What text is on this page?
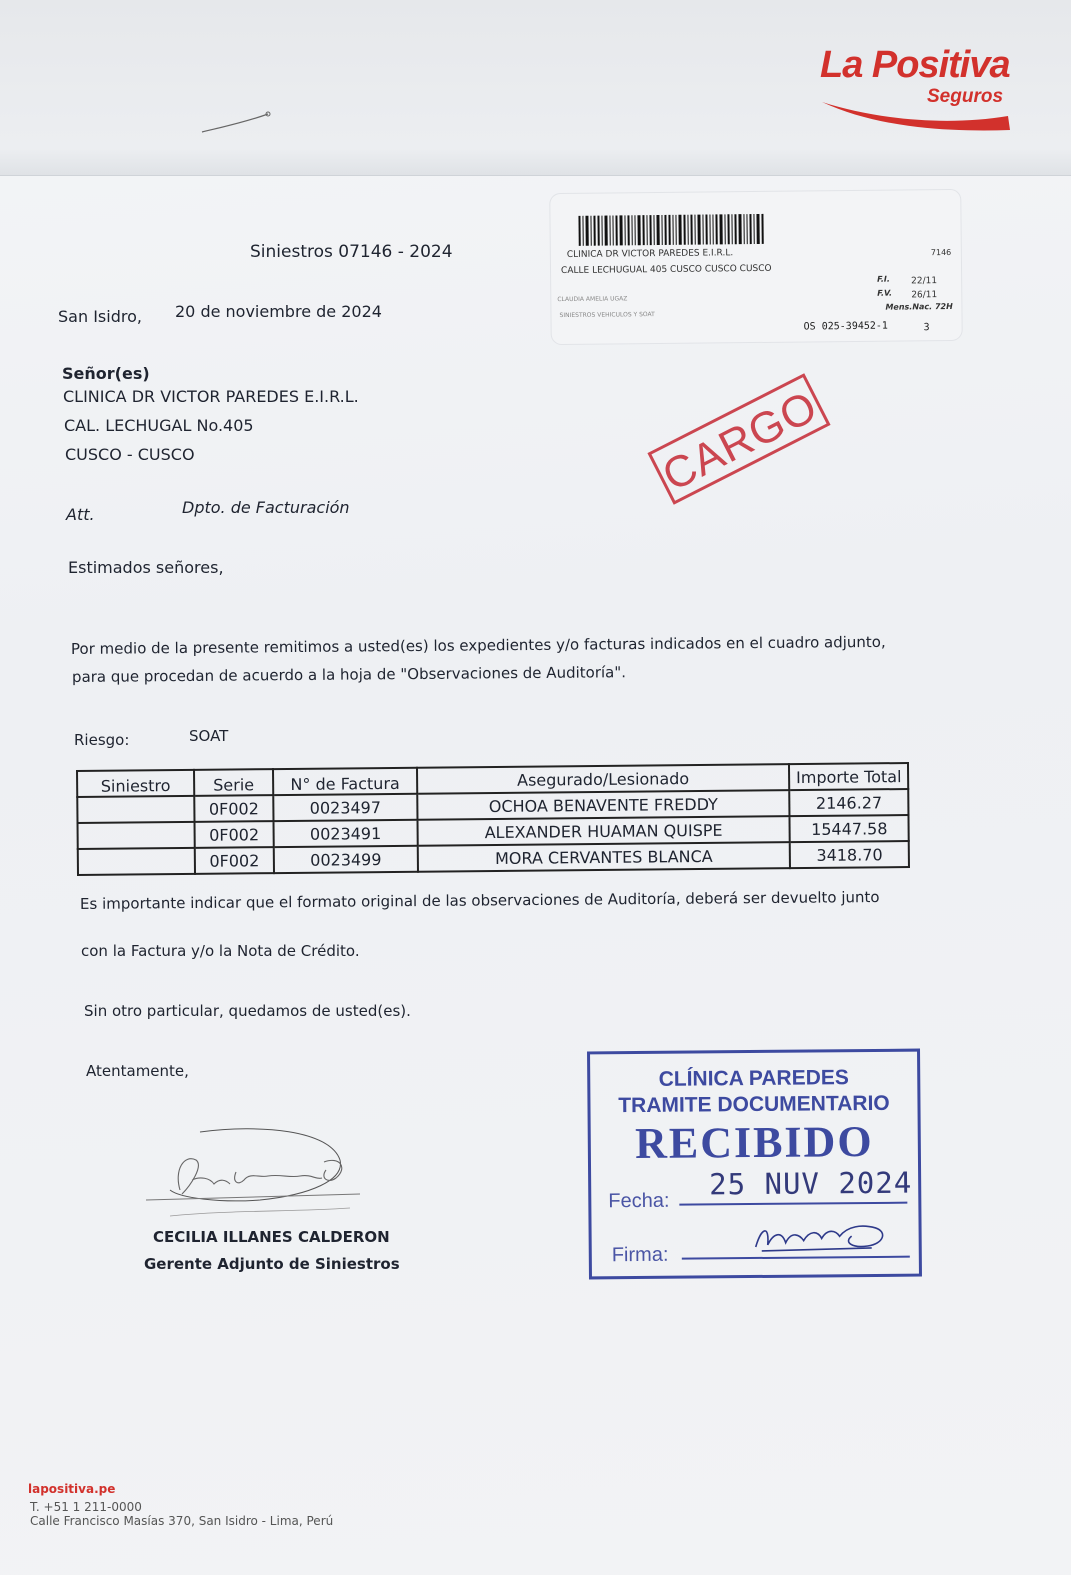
La Positiva
Seguros
CLINICA DR VICTOR PAREDES E.I.R.L.	7146
CALLE LECHUGUAL 405 CUSCO CUSCO CUSCO
F.I. 22/11
F.V. 26/11
CLAUDIA AMELIA UGAZ
Mens.Nac. 72H
SINIESTROS VEHICULOS Y SOAT
OS 025-39452-1	3
Siniestros 07146 - 2024
San Isidro, 20 de noviembre de 2024
Señor(es)
CLINICA DR VICTOR PAREDES E.I.R.L.
CAL. LECHUGAL No.405
CUSCO - CUSCO
Att.	Dpto. de Facturación
CARGO
Estimados señores,
Por medio de la presente remitimos a usted(es) los expedientes y/o facturas indicados en el cuadro adjunto,
para que procedan de acuerdo a la hoja de "Observaciones de Auditoría".
Riesgo:	SOAT
Siniestro	Serie	N° de Factura	Asegurado/Lesionado	Importe Total
	0F002	0023497	OCHOA BENAVENTE FREDDY	2146.27
	0F002	0023491	ALEXANDER HUAMAN QUISPE	15447.58
	0F002	0023499	MORA CERVANTES BLANCA	3418.70
Es importante indicar que el formato original de las observaciones de Auditoría, deberá ser devuelto junto
con la Factura y/o la Nota de Crédito.
Sin otro particular, quedamos de usted(es).
Atentamente,
CECILIA ILLANES CALDERON
Gerente Adjunto de Siniestros
CLÍNICA PAREDES
TRAMITE DOCUMENTARIO
RECIBIDO
Fecha: 25 NUV 2024
Firma:
lapositiva.pe
T. +51 1 211-0000
Calle Francisco Masías 370, San Isidro - Lima, Perú
